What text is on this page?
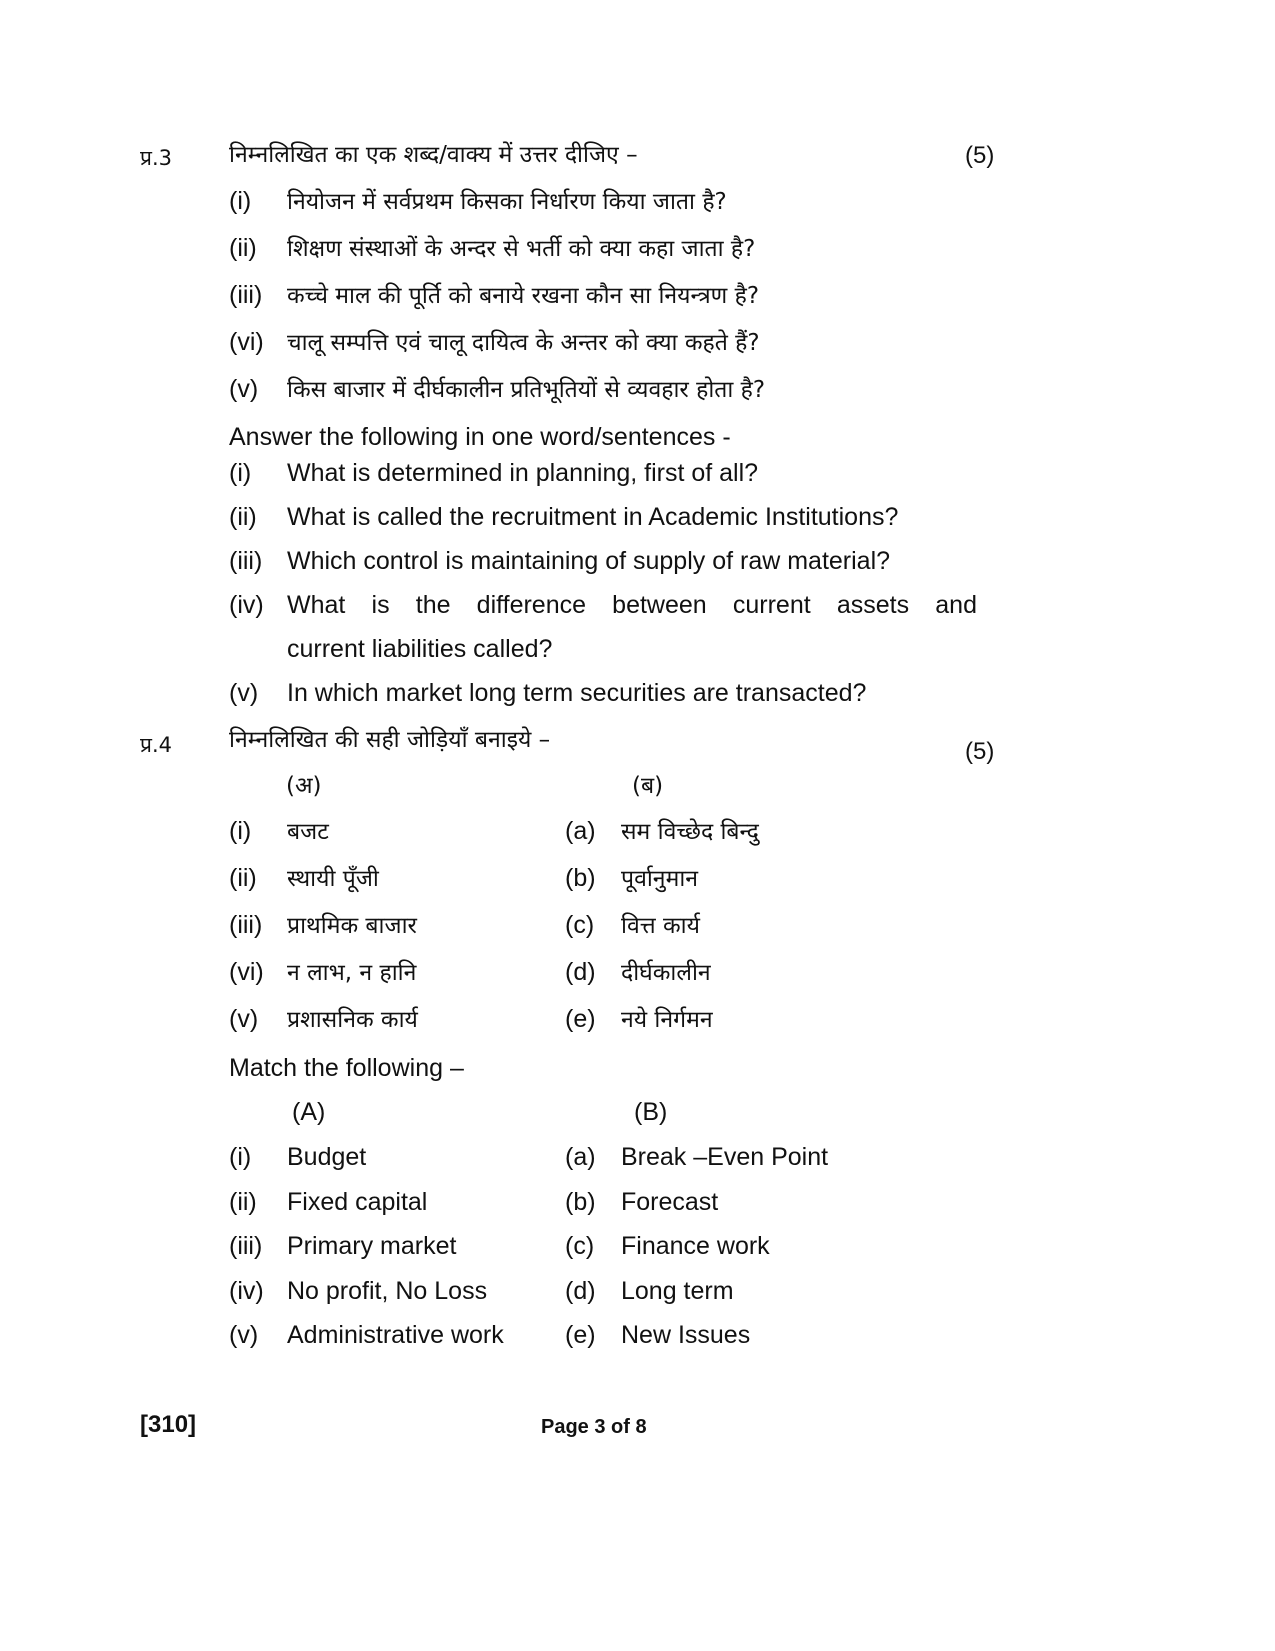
प्र.3 निम्नलिखित का एक शब्द/वाक्य में उत्तर दीजिए –	(5)
(i)	नियोजन में सर्वप्रथम किसका निर्धारण किया जाता है?
(ii)	शिक्षण संस्थाओं के अन्दर से भर्ती को क्या कहा जाता है?
(iii)	कच्चे माल की पूर्ति को बनाये रखना कौन सा नियन्त्रण है?
(vi)	चालू सम्पत्ति एवं चालू दायित्व के अन्तर को क्या कहते हैं?
(v)	किस बाजार में दीर्घकालीन प्रतिभूतियों से व्यवहार होता है?
Answer the following in one word/sentences -
(i)	What is determined in planning, first of all?
(ii)	What is called the recruitment in Academic Institutions?
(iii) Which control is maintaining of supply of raw material?
(iv) What is the difference between current assets and
current liabilities called?
(v)	In which market long term securities are transacted?
प्र.4 निम्नलिखित की सही जोड़ियाँ बनाइये –	(5)
(अ)	(ब)
(i)	बजट	(a)	सम विच्छेद बिन्दु
(ii)	स्थायी पूँजी	(b)	पूर्वानुमान
(iii)	प्राथमिक बाजार	(c)	वित्त कार्य
(vi)	न लाभ, न हानि	(d)	दीर्घकालीन
(v)	प्रशासनिक कार्य	(e)	नये निर्गमन
Match the following –
(A)	(B)
(i)	Budget	(a)	Break –Even Point
(ii)	Fixed capital	(b)	Forecast
(iii) Primary market	(c)	Finance work
(iv) No profit, No Loss	(d)	Long term
(v)	Administrative work	(e)	New Issues
[310]	Page 3 of 8
